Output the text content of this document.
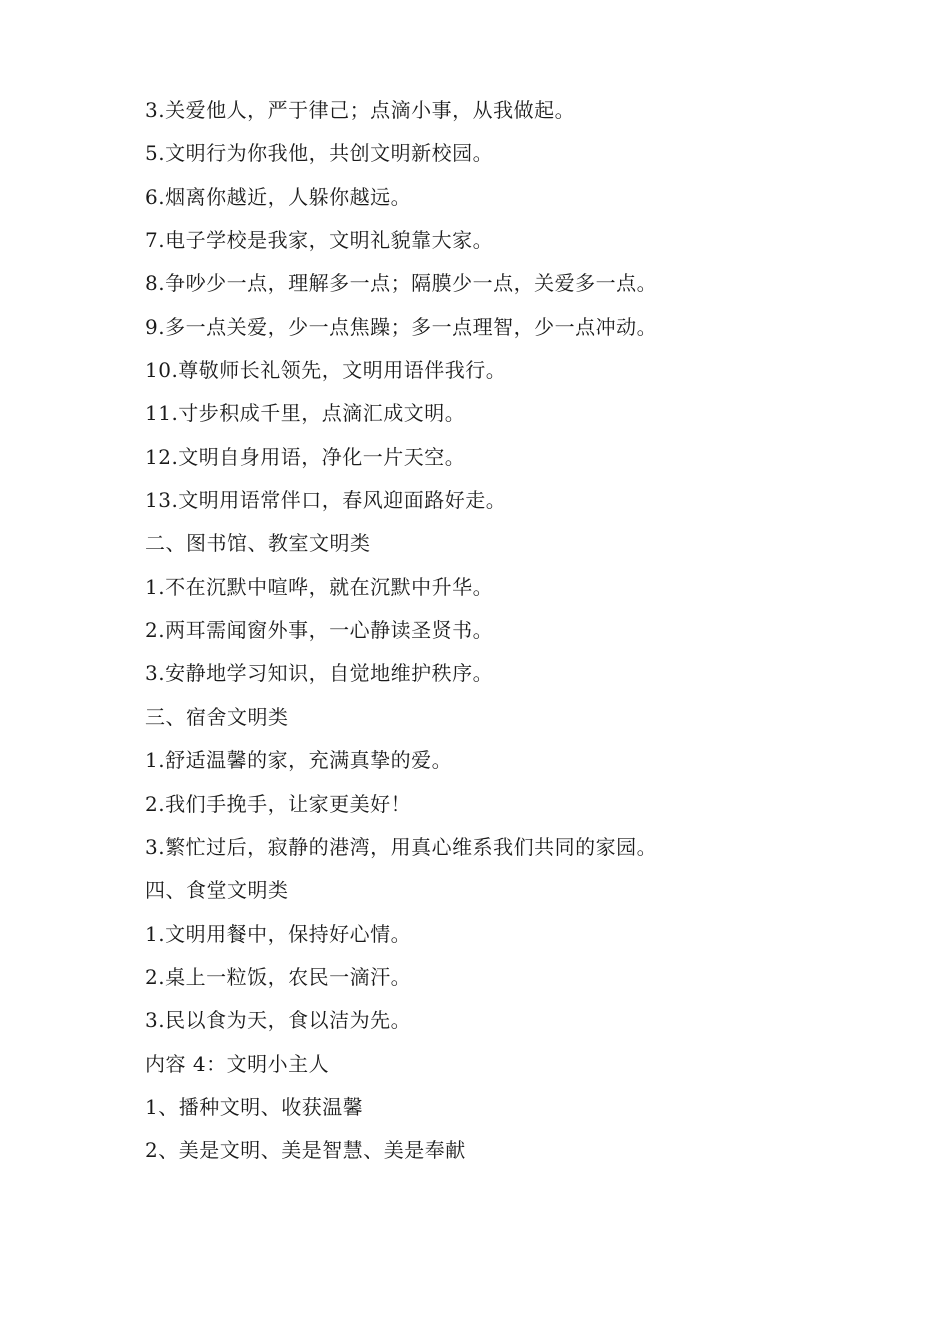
3.关爱他人，严于律己；点滴小事，从我做起。
5.文明行为你我他，共创文明新校园。
6.烟离你越近，人躲你越远。
7.电子学校是我家，文明礼貌靠大家。
8.争吵少一点，理解多一点；隔膜少一点，关爱多一点。
9.多一点关爱，少一点焦躁；多一点理智，少一点冲动。
10.尊敬师长礼领先，文明用语伴我行。
11.寸步积成千里，点滴汇成文明。
12.文明自身用语，净化一片天空。
13.文明用语常伴口，春风迎面路好走。
二、图书馆、教室文明类
1.不在沉默中喧哗，就在沉默中升华。
2.两耳需闻窗外事，一心静读圣贤书。
3.安静地学习知识，自觉地维护秩序。
三、宿舍文明类
1.舒适温馨的家，充满真挚的爱。
2.我们手挽手，让家更美好！
3.繁忙过后，寂静的港湾，用真心维系我们共同的家园。
四、食堂文明类
1.文明用餐中，保持好心情。
2.桌上一粒饭，农民一滴汗。
3.民以食为天，食以洁为先。
内容 4：文明小主人
1、播种文明、收获温馨
2、美是文明、美是智慧、美是奉献
